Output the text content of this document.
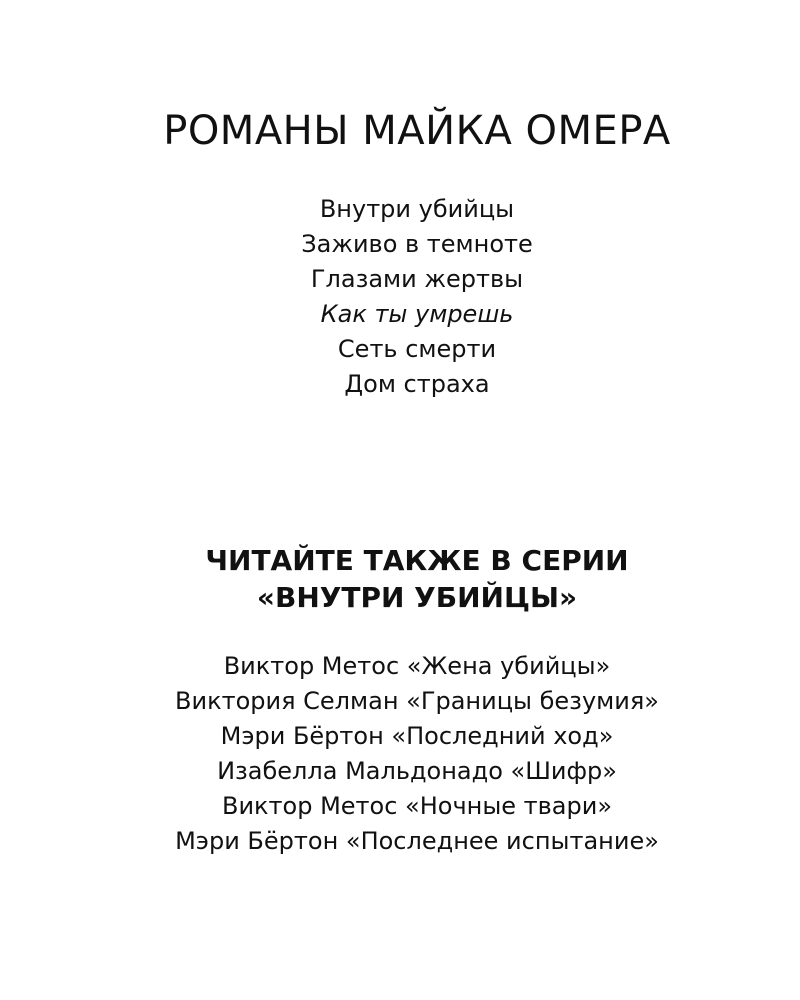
РОМАНЫ МАЙКА ОМЕРА
Внутри убийцы
Заживо в темноте
Глазами жертвы
Как ты умрешь
Сеть смерти
Дом страха
ЧИТАЙТЕ ТАКЖЕ В СЕРИИ
«ВНУТРИ УБИЙЦЫ»
Виктор Метос «Жена убийцы»
Виктория Селман «Границы безумия»
Мэри Бёртон «Последний ход»
Изабелла Мальдонадо «Шифр»
Виктор Метос «Ночные твари»
Мэри Бёртон «Последнее испытание»
